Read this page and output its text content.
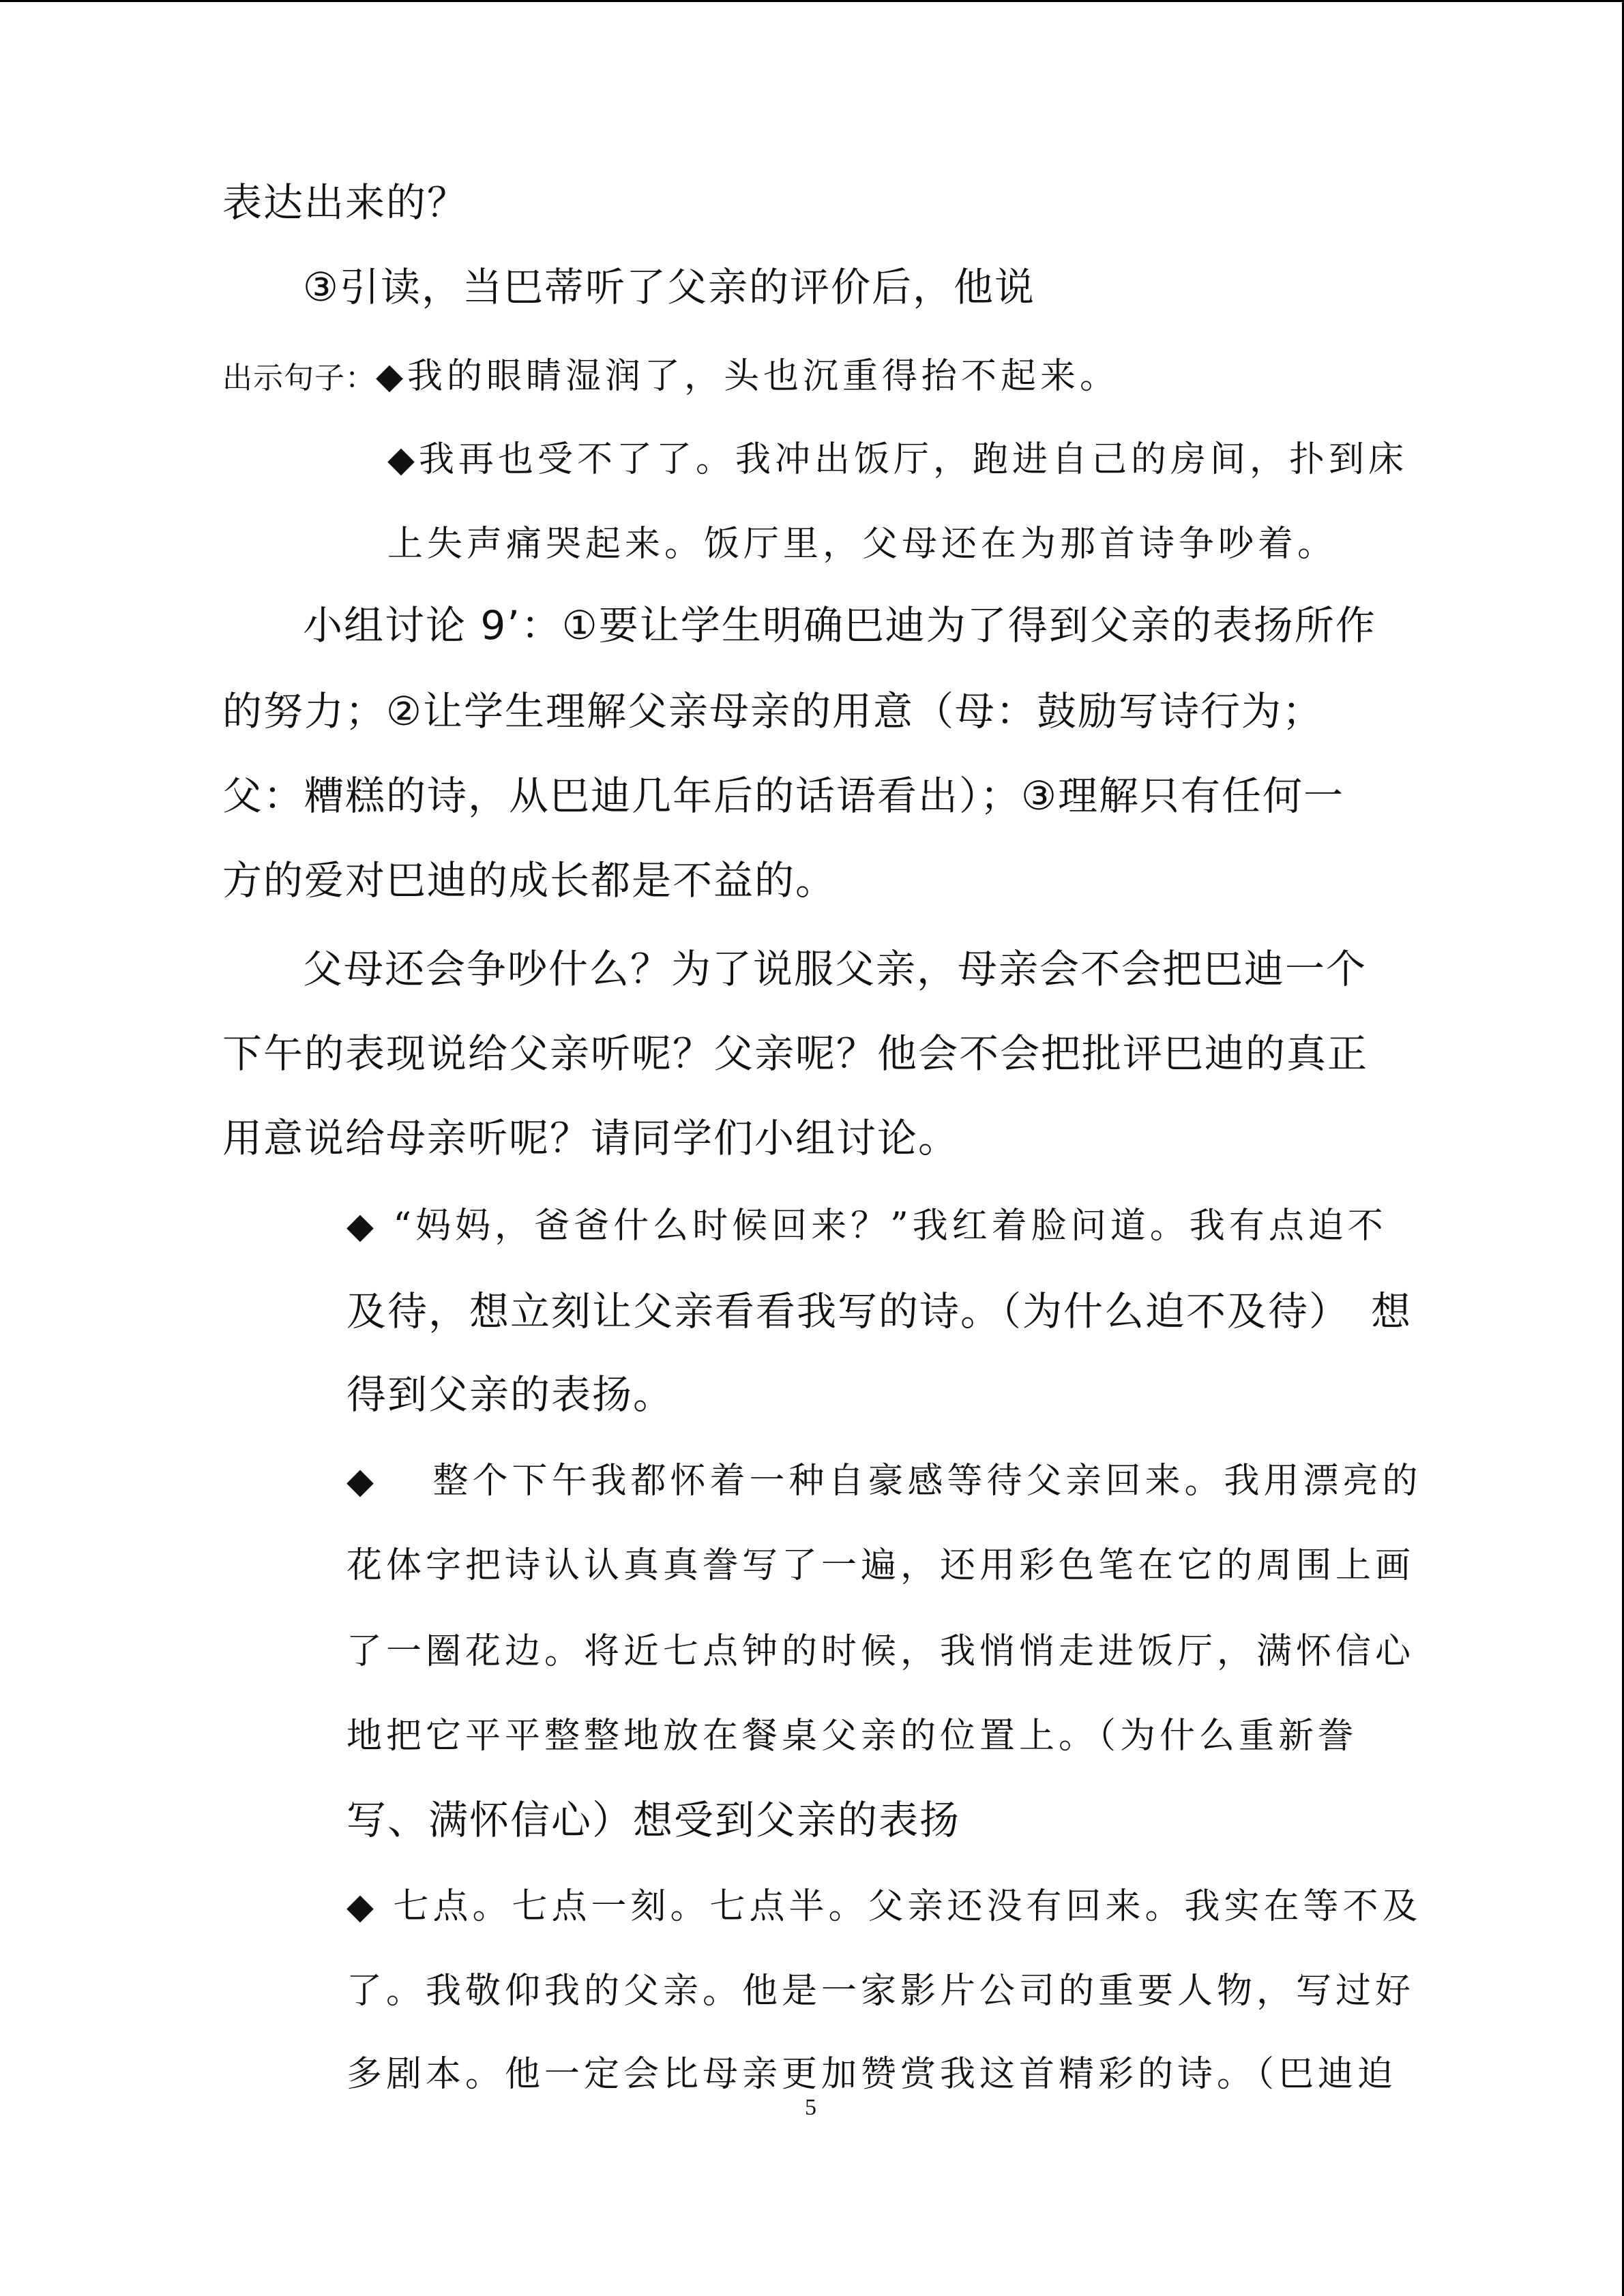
表达出来的？
③引读，当巴蒂听了父亲的评价后，他说
出示句子：◆我的眼睛湿润了，头也沉重得抬不起来。
◆我再也受不了了。我冲出饭厅，跑进自己的房间，扑到床
上失声痛哭起来。饭厅里，父母还在为那首诗争吵着。
小组讨论 9’：①要让学生明确巴迪为了得到父亲的表扬所作
的努力；②让学生理解父亲母亲的用意（母：鼓励写诗行为；
父：糟糕的诗，从巴迪几年后的话语看出）；③理解只有任何一
方的爱对巴迪的成长都是不益的。
父母还会争吵什么？为了说服父亲，母亲会不会把巴迪一个
下午的表现说给父亲听呢？父亲呢？他会不会把批评巴迪的真正
用意说给母亲听呢？请同学们小组讨论。
◆ “妈妈，爸爸什么时候回来？”我红着脸问道。我有点迫不
及待，想立刻让父亲看看我写的诗。（为什么迫不及待）　想
得到父亲的表扬。
◆　 整个下午我都怀着一种自豪感等待父亲回来。我用漂亮的
花体字把诗认认真真誊写了一遍，还用彩色笔在它的周围上画
了一圈花边。将近七点钟的时候，我悄悄走进饭厅，满怀信心
地把它平平整整地放在餐桌父亲的位置上。（为什么重新誊
写、满怀信心）想受到父亲的表扬
◆ 七点。七点一刻。七点半。父亲还没有回来。我实在等不及
了。我敬仰我的父亲。他是一家影片公司的重要人物，写过好
多剧本。他一定会比母亲更加赞赏我这首精彩的诗。（巴迪迫
5
